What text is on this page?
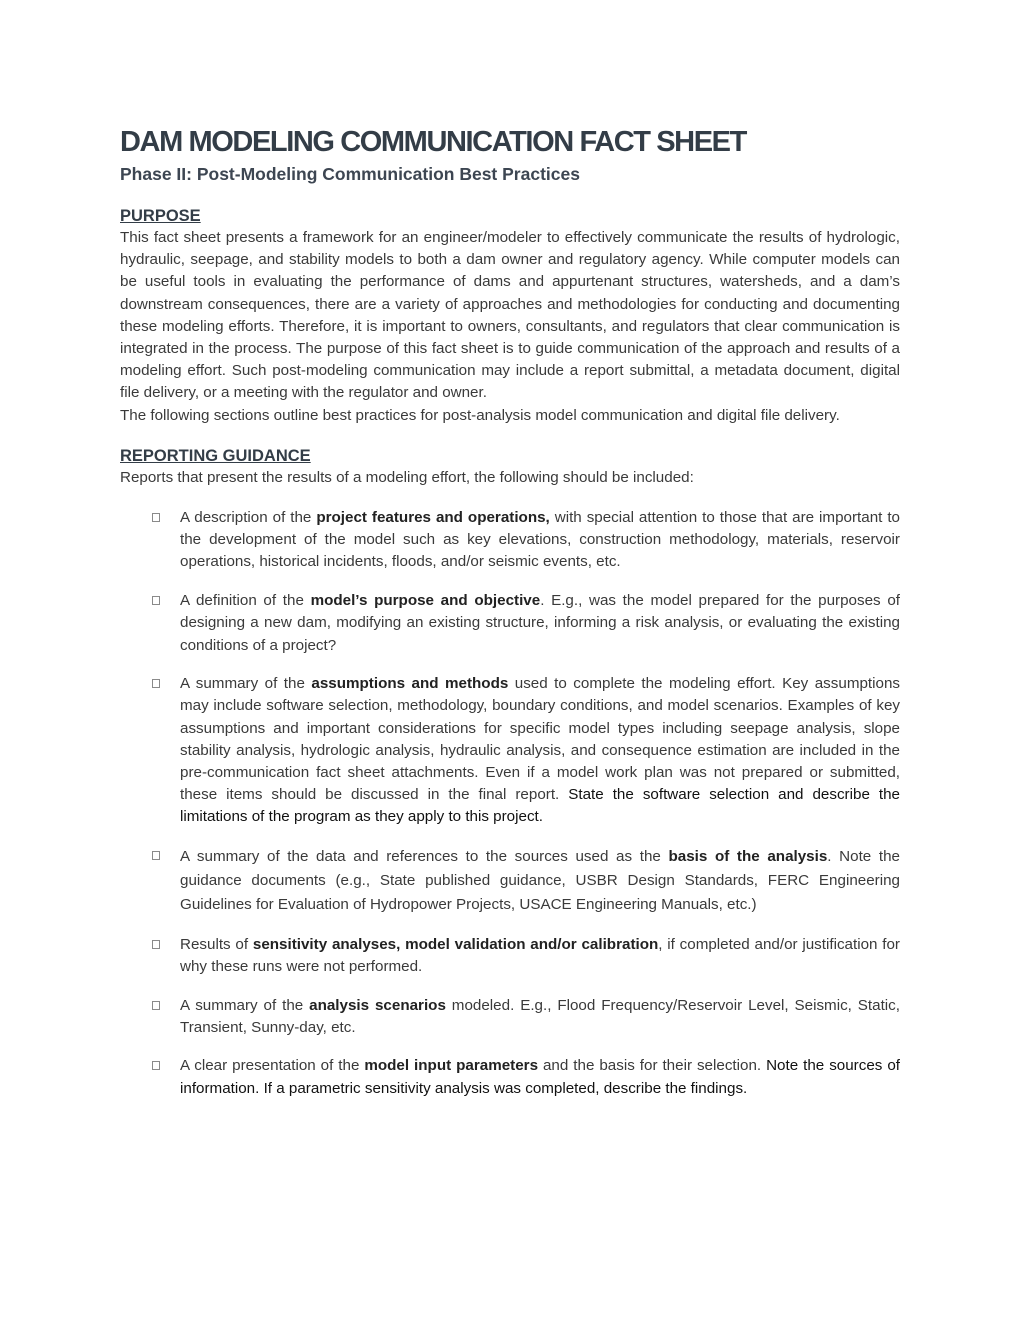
DAM MODELING COMMUNICATION FACT SHEET
Phase II: Post-Modeling Communication Best Practices
PURPOSE

This fact sheet presents a framework for an engineer/modeler to effectively communicate the results of hydrologic, hydraulic, seepage, and stability models to both a dam owner and regulatory agency. While computer models can be useful tools in evaluating the performance of dams and appurtenant structures, watersheds, and a dam’s downstream consequences, there are a variety of approaches and methodologies for conducting and documenting these modeling efforts. Therefore, it is important to owners, consultants, and regulators that clear communication is integrated in the process. The purpose of this fact sheet is to guide communication of the approach and results of a modeling effort. Such post-modeling communication may include a report submittal, a metadata document, digital file delivery, or a meeting with the regulator and owner.

The following sections outline best practices for post-analysis model communication and digital file delivery.

REPORTING GUIDANCE

Reports that present the results of a modeling effort, the following should be included:

A description of the project features and operations, with special attention to those that are important to the development of the model such as key elevations, construction methodology, materials, reservoir operations, historical incidents, floods, and/or seismic events, etc.
A definition of the model’s purpose and objective. E.g., was the model prepared for the purposes of designing a new dam, modifying an existing structure, informing a risk analysis, or evaluating the existing conditions of a project?
A summary of the assumptions and methods used to complete the modeling effort. Key assumptions may include software selection, methodology, boundary conditions, and model scenarios. Examples of key assumptions and important considerations for specific model types including seepage analysis, slope stability analysis, hydrologic analysis, hydraulic analysis, and consequence estimation are included in the pre-communication fact sheet attachments. Even if a model work plan was not prepared or submitted, these items should be discussed in the final report. State the software selection and describe the limitations of the program as they apply to this project.
A summary of the data and references to the sources used as the basis of the analysis. Note the guidance documents (e.g., State published guidance, USBR Design Standards, FERC Engineering Guidelines for Evaluation of Hydropower Projects, USACE Engineering Manuals, etc.)
Results of sensitivity analyses, model validation and/or calibration, if completed and/or justification for why these runs were not performed.
A summary of the analysis scenarios modeled. E.g., Flood Frequency/Reservoir Level, Seismic, Static, Transient, Sunny-day, etc.
A clear presentation of the model input parameters and the basis for their selection. Note the sources of information. If a parametric sensitivity analysis was completed, describe the findings.
